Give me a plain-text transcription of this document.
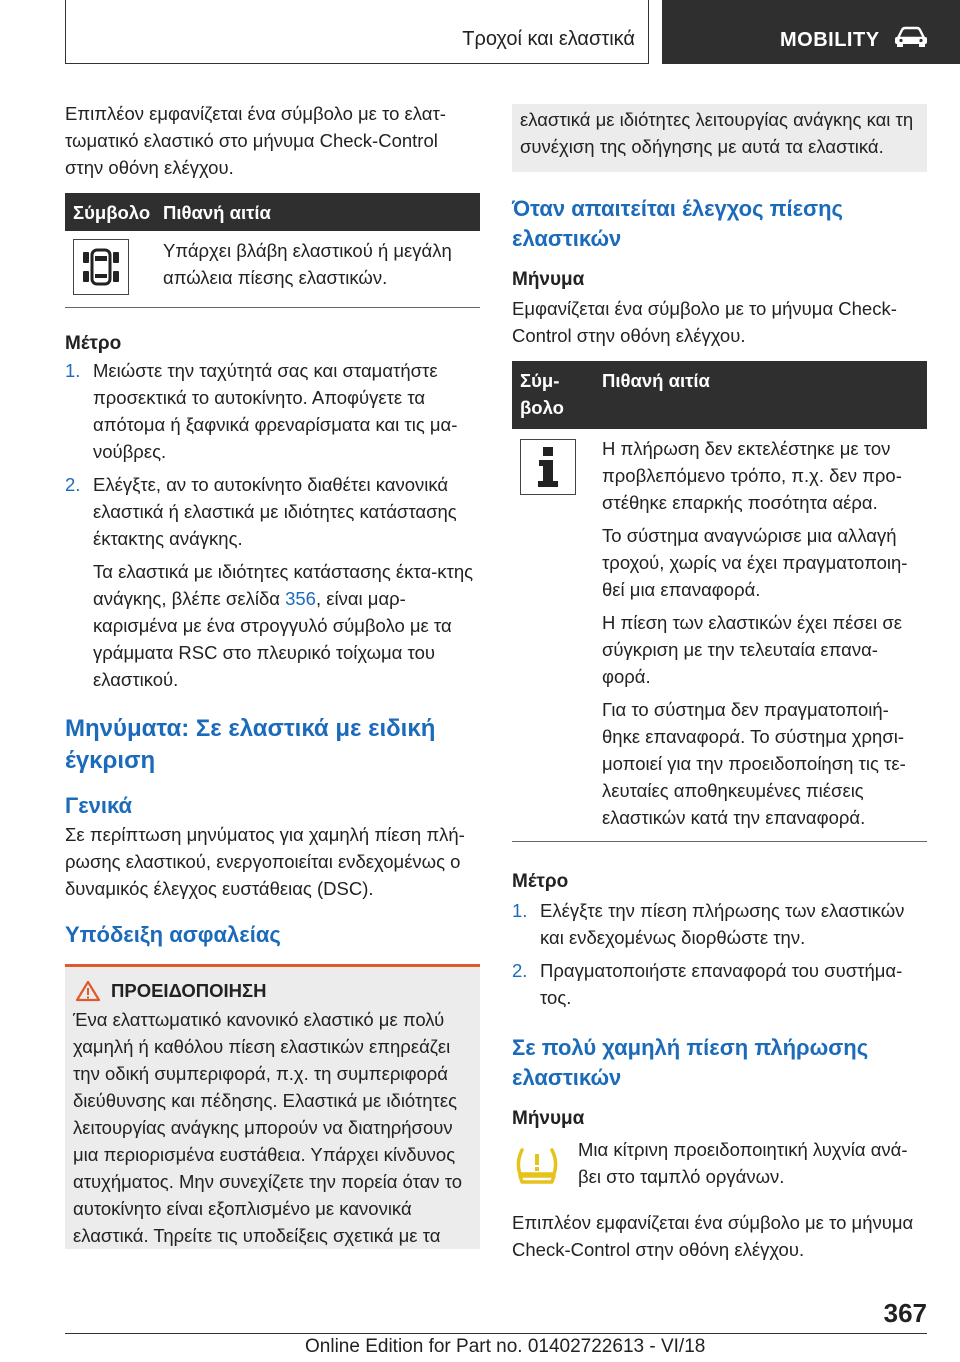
Τροχοί και ελαστικά	MOBILITY

Επιπλέον εμφανίζεται ένα σύμβολο με το ελατ-τωματικό ελαστικό στο μήνυμα Check-Control στην οθόνη ελέγχου.

Σύμβολο Πιθανή αιτία
Υπάρχει βλάβη ελαστικού ή μεγάλη απώλεια πίεσης ελαστικών.

Μέτρο

1. Μειώστε την ταχύτητά σας και σταματήστε προσεκτικά το αυτοκίνητο. Αποφύγετε τα απότομα ή ξαφνικά φρεναρίσματα και τις μα-νούβρες.
2. Ελέγξτε, αν το αυτοκίνητο διαθέτει κανονικά ελαστικά ή ελαστικά με ιδιότητες κατάστασης έκτακτης ανάγκης.
Τα ελαστικά με ιδιότητες κατάστασης έκτα-κτης ανάγκης, βλέπε σελίδα 356, είναι μαρ-καρισμένα με ένα στρογγυλό σύμβολο με τα γράμματα RSC στο πλευρικό τοίχωμα του ελαστικού.

Μηνύματα: Σε ελαστικά με ειδική έγκριση

Γενικά

Σε περίπτωση μηνύματος για χαμηλή πίεση πλή-ρωσης ελαστικού, ενεργοποιείται ενδεχομένως ο δυναμικός έλεγχος ευστάθειας (DSC).

Υπόδειξη ασφαλείας

ΠΡΟΕΙΔΟΠΟΙΗΣΗ

Ένα ελαττωματικό κανονικό ελαστικό με πολύ χαμηλή ή καθόλου πίεση ελαστικών επηρεάζει την οδική συμπεριφορά, π.χ. τη συμπεριφορά διεύθυνσης και πέδησης. Ελαστικά με ιδιότητες λειτουργίας ανάγκης μπορούν να διατηρήσουν μια περιορισμένα ευστάθεια. Υπάρχει κίνδυνος ατυχήματος. Μην συνεχίζετε την πορεία όταν το αυτοκίνητο είναι εξοπλισμένο με κανονικά ελαστικά. Τηρείτε τις υποδείξεις σχετικά με τα

ελαστικά με ιδιότητες λειτουργίας ανάγκης και τη συνέχιση της οδήγησης με αυτά τα ελαστικά.

Όταν απαιτείται έλεγχος πίεσης ελαστικών

Μήνυμα

Εμφανίζεται ένα σύμβολο με το μήνυμα Check-Control στην οθόνη ελέγχου.

Σύμ-βολο
Πιθανή αιτία

Η πλήρωση δεν εκτελέστηκε με τον προβλεπόμενο τρόπο, π.χ. δεν προ-στέθηκε επαρκής ποσότητα αέρα.

Το σύστημα αναγνώρισε μια αλλαγή τροχού, χωρίς να έχει πραγματοποιη-θεί μια επαναφορά.

Η πίεση των ελαστικών έχει πέσει σε σύγκριση με την τελευταία επανα-φορά.

Για το σύστημα δεν πραγματοποιή-θηκε επαναφορά. Το σύστημα χρησι-μοποιεί για την προειδοποίηση τις τε-λευταίες αποθηκευμένες πιέσεις ελαστικών κατά την επαναφορά.

Μέτρο

1. Ελέγξτε την πίεση πλήρωσης των ελαστικών και ενδεχομένως διορθώστε την.
2. Πραγματοποιήστε επαναφορά του συστήμα-τος.

Σε πολύ χαμηλή πίεση πλήρωσης ελαστικών

Μήνυμα

Μια κίτρινη προειδοποιητική λυχνία ανά-βει στο ταμπλό οργάνων.

Επιπλέον εμφανίζεται ένα σύμβολο με το μήνυμα Check-Control στην οθόνη ελέγχου.

367
Online Edition for Part no. 01402722613 - VI/18
